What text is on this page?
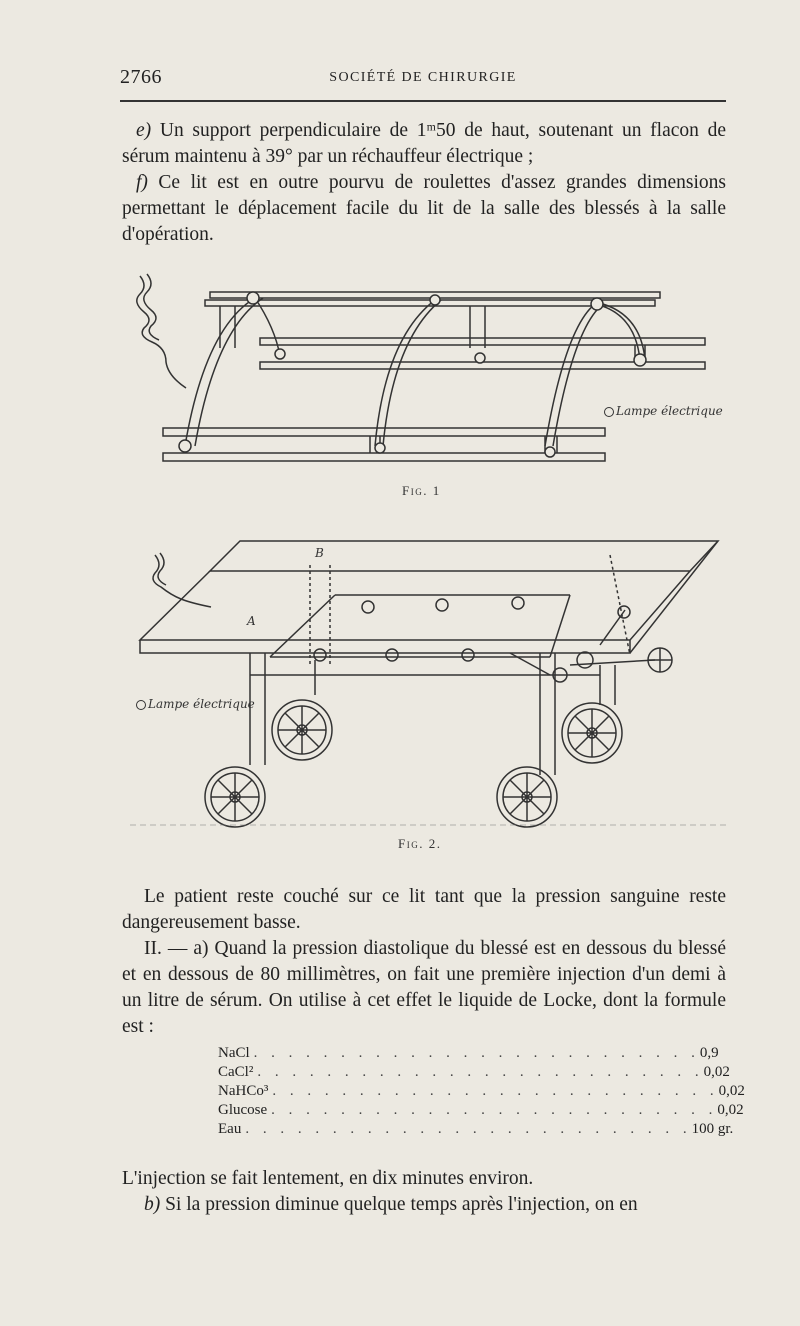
2766	SOCIÉTÉ DE CHIRURGIE

e) Un support perpendiculaire de 1ᵐ50 de haut, soutenant un flacon de sérum maintenu à 39° par un réchauffeur électrique ;

f) Ce lit est en outre pourvu de roulettes d'assez grandes dimensions permettant le déplacement facile du lit de la salle des blessés à la salle d'opération.

Lampe électrique
Fig. 1
B
A
Lampe électrique
Fig. 2.

Le patient reste couché sur ce lit tant que la pression sanguine reste dangereusement basse.

II. — a) Quand la pression diastolique du blessé est en dessous du blessé et en dessous de 80 millimètres, on fait une première injection d'un demi à un litre de sérum. On utilise à cet effet le liquide de Locke, dont la formule est :

NaCl . . . . . . . . . . . . . . . . . . . . . . . . . . 0,9
CaCl² . . . . . . . . . . . . . . . . . . . . . . . . . . 0,02
NaHCo³ . . . . . . . . . . . . . . . . . . . . . . . . . . 0,02
Glucose . . . . . . . . . . . . . . . . . . . . . . . . . . 0,02
Eau . . . . . . . . . . . . . . . . . . . . . . . . . . 100 gr.

L'injection se fait lentement, en dix minutes environ.

b) Si la pression diminue quelque temps après l'injection, on en
